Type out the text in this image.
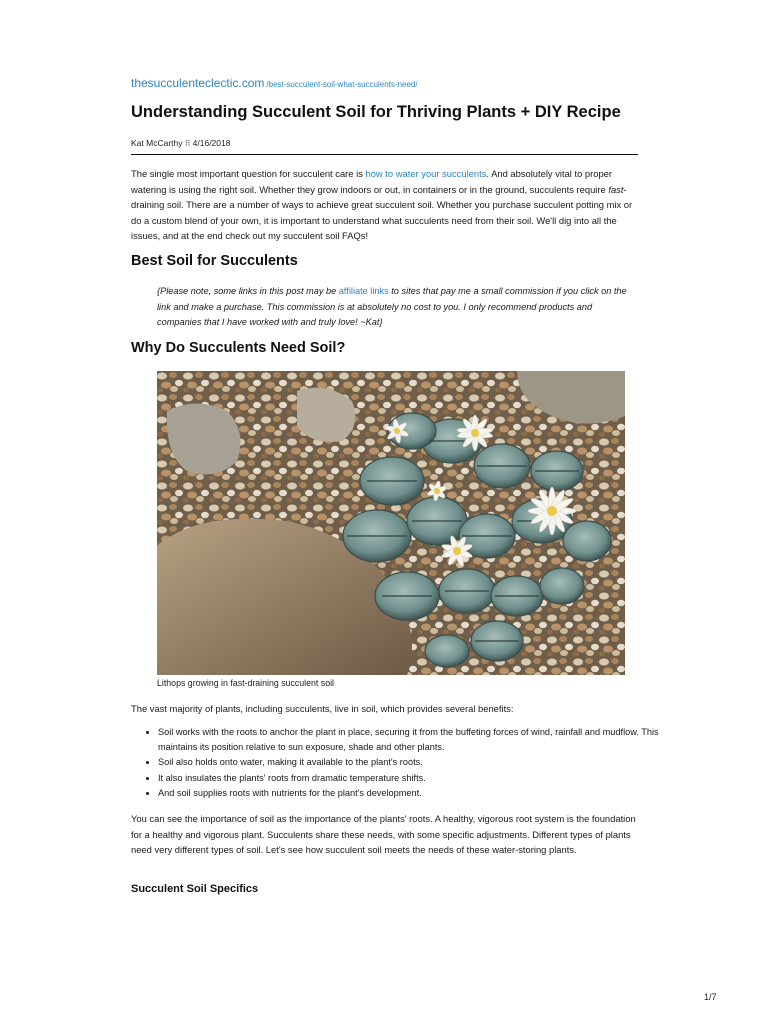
thesucculenteclectic.com /best-succulent-soil-what-succulents-need/
Understanding Succulent Soil for Thriving Plants + DIY Recipe
Kat McCarthy ⁝⁝ 4/16/2018

The single most important question for succulent care is how to water your succulents. And absolutely vital to proper watering is using the right soil. Whether they grow indoors or out, in containers or in the ground, succulents require fast-draining soil. There are a number of ways to achieve great succulent soil. Whether you purchase succulent potting mix or do a custom blend of your own, it is important to understand what succulents need from their soil. We'll dig into all the issues, and at the end check out my succulent soil FAQs!

Best Soil for Succulents

{Please note, some links in this post may be affiliate links to sites that pay me a small commission if you click on the link and make a purchase. This commission is at absolutely no cost to you. I only recommend products and companies that I have worked with and truly love! ~Kat}

Why Do Succulents Need Soil?
Lithops growing in fast-draining succulent soil

The vast majority of plants, including succulents, live in soil, which provides several benefits:

• Soil works with the roots to anchor the plant in place, securing it from the buffeting forces of wind, rainfall and mudflow. This maintains its position relative to sun exposure, shade and other plants.
• Soil also holds onto water, making it available to the plant's roots.
• It also insulates the plants' roots from dramatic temperature shifts.
• And soil supplies roots with nutrients for the plant's development.

You can see the importance of soil as the importance of the plants' roots. A healthy, vigorous root system is the foundation for a healthy and vigorous plant. Succulents share these needs, with some specific adjustments. Different types of plants need very different types of soil. Let's see how succulent soil meets the needs of these water-storing plants.

Succulent Soil Specifics
1/7
